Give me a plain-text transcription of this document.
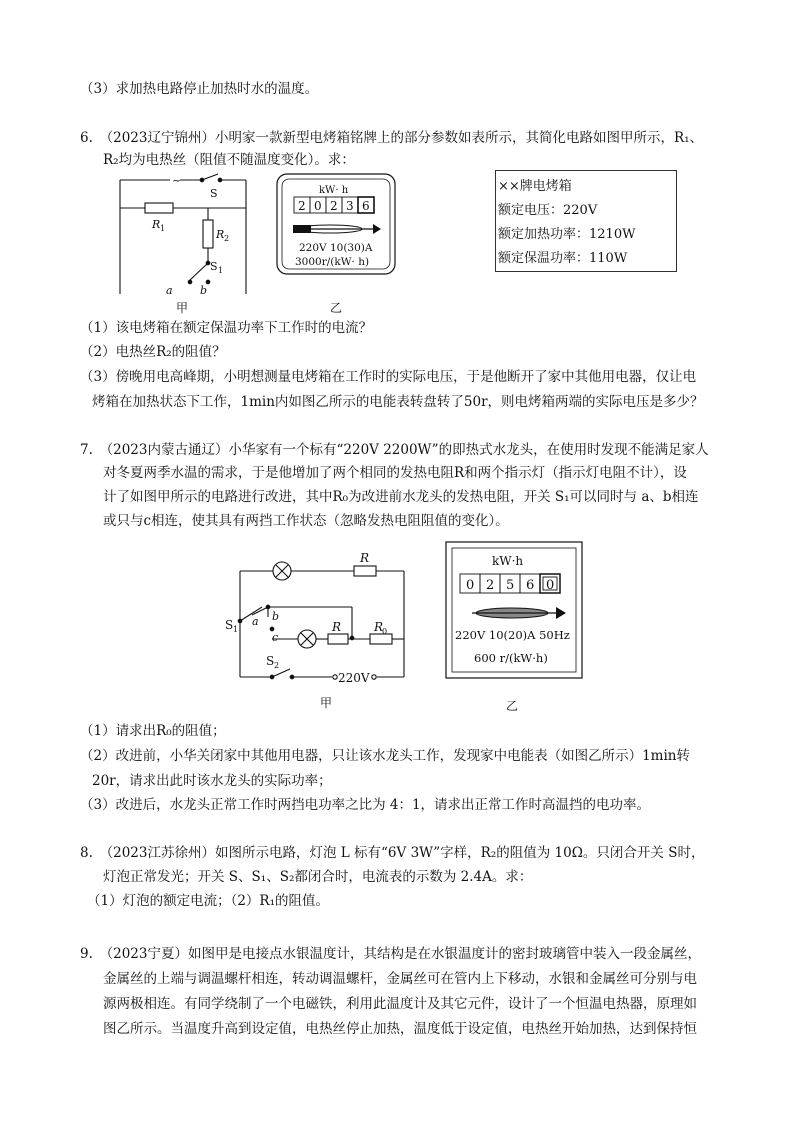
（3）求加热电路停止加热时水的温度。
6.　（2023辽宁锦州）小明家一款新型电烤箱铭牌上的部分参数如表所示，其简化电路如图甲所示，R₁、
R₂均为电热丝（阻值不随温度变化）。求：
~
S
R 1	R 2
S 1
a b
甲
kW· h
2 0 2 3 6
220V 10(30)A
3000r/(kW· h)
乙
××牌电烤箱
额定电压：220V
额定加热功率：1210W
额定保温功率：110W
（1）该电烤箱在额定保温功率下工作时的电流？
（2）电热丝R₂的阻值？
（3）傍晚用电高峰期，小明想测量电烤箱在工作时的实际电压，于是他断开了家中其他用电器，仅让电
烤箱在加热状态下工作，1min内如图乙所示的电能表转盘转了50r，则电烤箱两端的实际电压是多少？
7.　（2023内蒙古通辽）小华家有一个标有“220V 2200W”的即热式水龙头，在使用时发现不能满足家人
对冬夏两季水温的需求，于是他增加了两个相同的发热电阻R和两个指示灯（指示灯电阻不计），设
计了如图甲所示的电路进行改进，其中R₀为改进前水龙头的发热电阻，开关 S₁可以同时与 a、b相连
或只与c相连，使其具有两挡工作状态（忽略发热电阻阻值的变化）。
R
S 1
a b
c
R	R
0
S 2
220V
甲
kW·h
0 2 5 6 0
220V 10(20)A 50Hz
600 r/(kW·h)
乙
（1）请求出R₀的阻值；
（2）改进前，小华关闭家中其他用电器，只让该水龙头工作，发现家中电能表（如图乙所示）1min转
20r，请求出此时该水龙头的实际功率；
（3）改进后，水龙头正常工作时两挡电功率之比为 4：1，请求出正常工作时高温挡的电功率。
8.　（2023江苏徐州）如图所示电路，灯泡 L 标有“6V 3W”字样，R₂的阻值为 10Ω。只闭合开关 S时，
灯泡正常发光；开关 S、S₁、S₂都闭合时，电流表的示数为 2.4A。求：
（1）灯泡的额定电流；（2）R₁的阻值。
9.　（2023宁夏）如图甲是电接点水银温度计，其结构是在水银温度计的密封玻璃管中装入一段金属丝，
金属丝的上端与调温螺杆相连，转动调温螺杆，金属丝可在管内上下移动，水银和金属丝可分别与电
源两极相连。有同学绕制了一个电磁铁，利用此温度计及其它元件，设计了一个恒温电热器，原理如
图乙所示。当温度升高到设定值，电热丝停止加热，温度低于设定值，电热丝开始加热，达到保持恒
